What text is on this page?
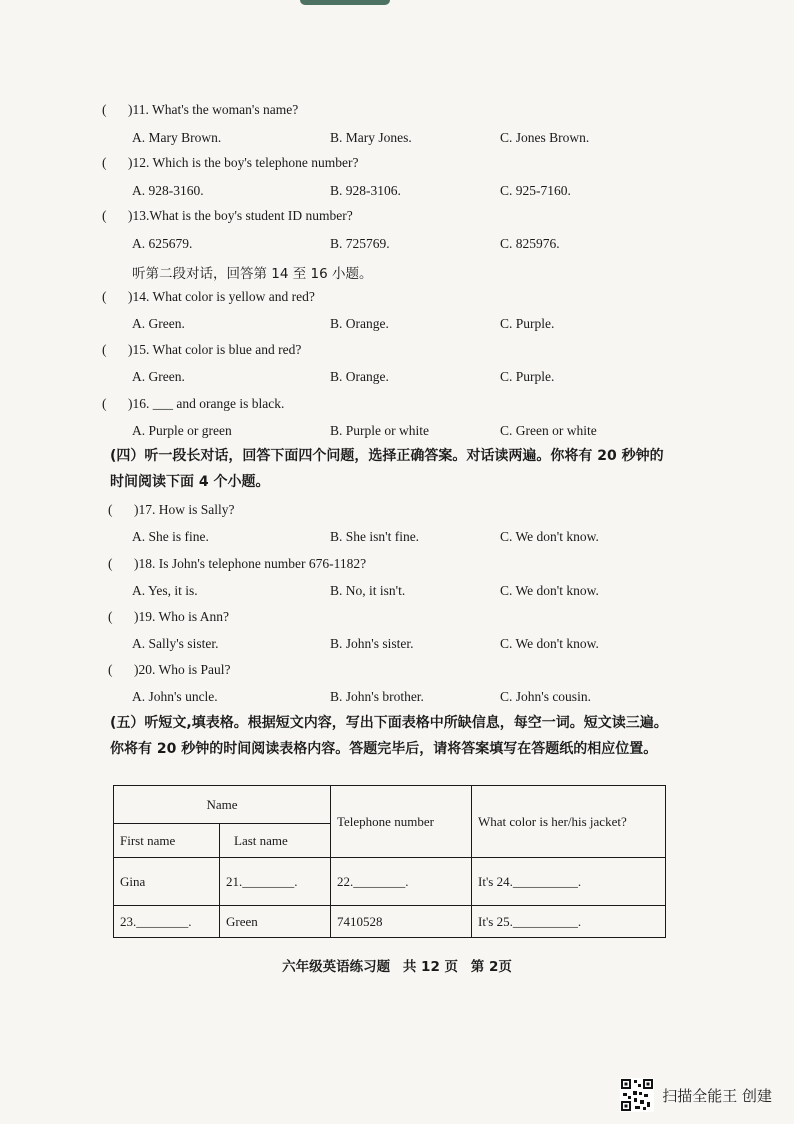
( )11. What's the woman's name?
A. Mary Brown.	B. Mary Jones.	C. Jones Brown.
( )12. Which is the boy's telephone number?
A. 928-3160.	B. 928-3106.	C. 925-7160.
( )13.What is the boy's student ID number?
A. 625679.	B. 725769.	C. 825976.
听第二段对话，回答第 14 至 16 小题。
( )14. What color is yellow and red?
A. Green.	B. Orange.	C. Purple.
( )15. What color is blue and red?
A. Green.	B. Orange.	C. Purple.
( )16. ___ and orange is black.
A. Purple or green	B. Purple or white	C. Green or white
(四）听一段长对话，回答下面四个问题，选择正确答案。对话读两遍。你将有 20 秒钟的时间阅读下面 4 个小题。
( )17. How is Sally?
A. She is fine.	B. She isn't fine.	C. We don't know.
( )18. Is John's telephone number 676-1182?
A. Yes, it is.	B. No, it isn't.	C. We don't know.
( )19. Who is Ann?
A. Sally's sister.	B. John's sister.	C. We don't know.
( )20. Who is Paul?
A. John's uncle.	B. John's brother.	C. John's cousin.
(五）听短文,填表格。根据短文内容，写出下面表格中所缺信息，每空一词。短文读三遍。你将有 20 秒钟的时间阅读表格内容。答题完毕后，请将答案填写在答题纸的相应位置。
Name		Telephone number	What color is her/his jacket?
First name	Last name		
Gina	21.________.	22.________.	It's 24.__________.
23.________.	Green	7410528	It's 25.__________.
六年级英语练习题 共 12 页 第 2页
扫描全能王 创建
